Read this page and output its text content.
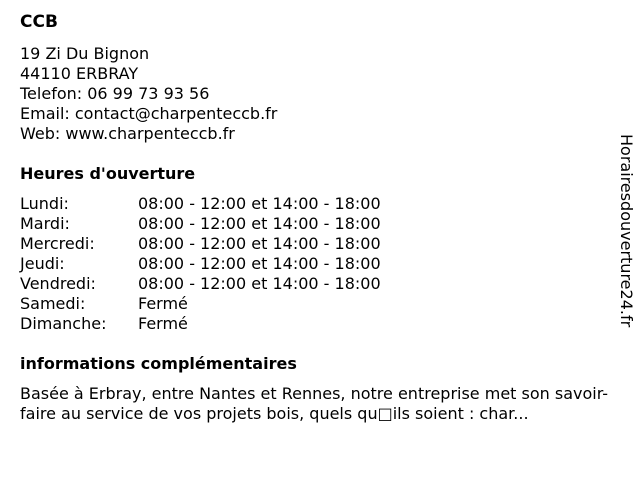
CCB
19 Zi Du Bignon
44110 ERBRAY
Telefon: 06 99 73 93 56
Email: contact@charpenteccb.fr
Web: www.charpenteccb.fr
Heures d'ouverture
Lundi:	08:00 - 12:00 et 14:00 - 18:00
Mardi:	08:00 - 12:00 et 14:00 - 18:00
Mercredi:	08:00 - 12:00 et 14:00 - 18:00
Jeudi:	08:00 - 12:00 et 14:00 - 18:00
Vendredi:	08:00 - 12:00 et 14:00 - 18:00
Samedi:	Fermé
Dimanche:	Fermé
informations complémentaires
Basée à Erbray, entre Nantes et Rennes, notre entreprise met son savoir-faire au service de vos projets bois, quels qu□ils soient : char...
Horairesdouverture24.fr
